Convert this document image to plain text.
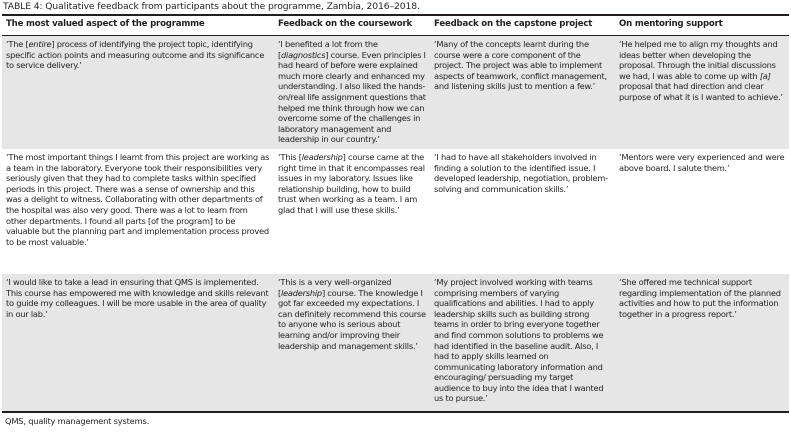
TABLE 4: Qualitative feedback from participants about the programme, Zambia, 2016–2018.
The most valued aspect of the programme	Feedback on the coursework	Feedback on the capstone project	On mentoring support
‘The [entire] process of identifying the project topic, identifying specific action points and measuring outcome and its significance to service delivery.’	‘I benefited a lot from the [diagnostics] course. Even principles I had heard of before were explained much more clearly and enhanced my understanding. I also liked the hands-on/real life assignment questions that helped me think through how we can overcome some of the challenges in laboratory management and leadership in our country.’	‘Many of the concepts learnt during the course were a core component of the project. The project was able to implement aspects of teamwork, conflict management, and listening skills just to mention a few.’	‘He helped me to align my thoughts and ideas better when developing the proposal. Through the initial discussions we had, I was able to come up with [a] proposal that had direction and clear purpose of what it is I wanted to achieve.’
‘The most important things I learnt from this project are working as a team in the laboratory. Everyone took their responsibilities very seriously given that they had to complete tasks within specified periods in this project. There was a sense of ownership and this was a delight to witness. Collaborating with other departments of the hospital was also very good. There was a lot to learn from other departments. I found all parts [of the program] to be valuable but the planning part and implementation process proved to be most valuable.’	‘This [leadership] course came at the right time in that it encompasses real issues in my laboratory. Issues like relationship building, how to build trust when working as a team. I am glad that I will use these skills.’	‘I had to have all stakeholders involved in finding a solution to the identified issue. I developed leadership, negotiation, problem-solving and communication skills.’	‘Mentors were very experienced and were above board. I salute them.’
‘I would like to take a lead in ensuring that QMS is implemented. This course has empowered me with knowledge and skills relevant to guide my colleagues. I will be more usable in the area of quality in our lab.’	‘This is a very well-organized [leadership] course. The knowledge I got far exceeded my expectations. I can definitely recommend this course to anyone who is serious about learning and/or improving their leadership and management skills.’	‘My project involved working with teams comprising members of varying qualifications and abilities. I had to apply leadership skills such as building strong teams in order to bring everyone together and find common solutions to problems we had identified in the baseline audit. Also, I had to apply skills learned on communicating laboratory information and encouraging/ persuading my target audience to buy into the idea that I wanted us to pursue.’	‘She offered me technical support regarding implementation of the planned activities and how to put the information together in a progress report.’
QMS, quality management systems.
